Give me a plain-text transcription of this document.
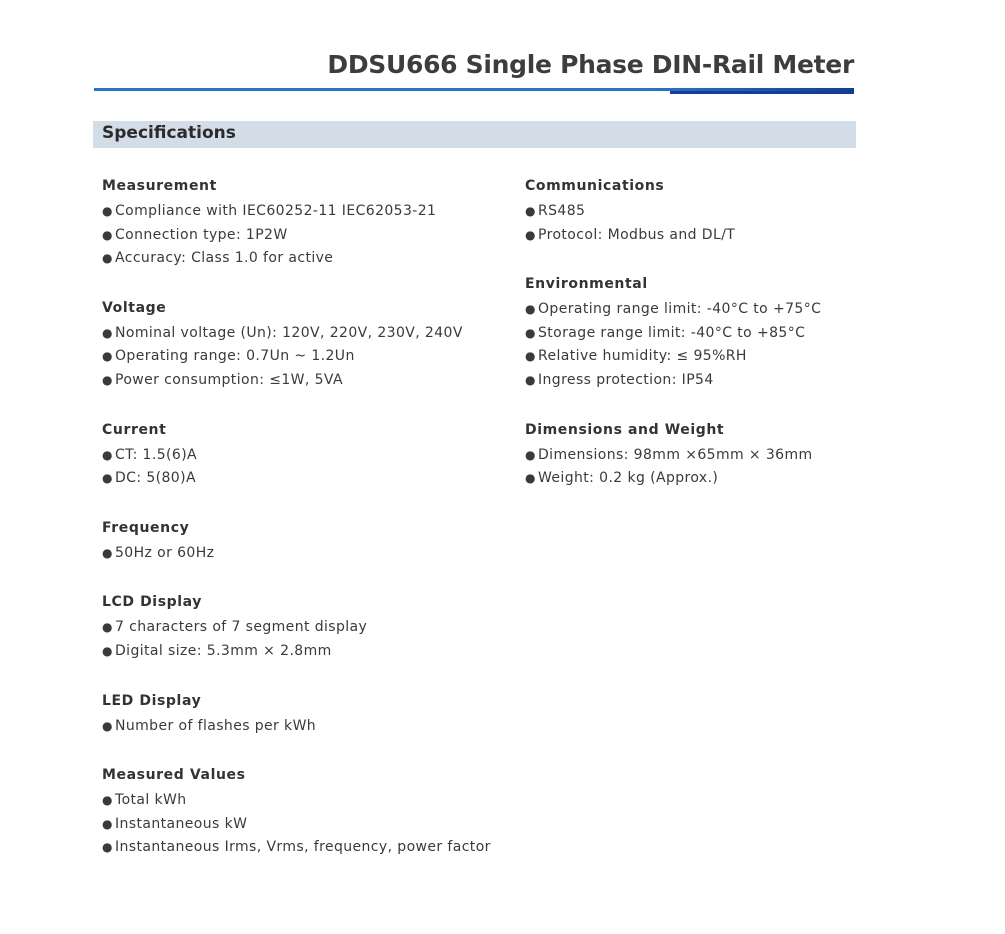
DDSU666 Single Phase DIN-Rail Meter
Specifications
Measurement
● Compliance with IEC60252-11 IEC62053-21
● Connection type: 1P2W
● Accuracy: Class 1.0 for active
Voltage
● Nominal voltage (Un): 120V, 220V, 230V, 240V
● Operating range: 0.7Un ~ 1.2Un
● Power consumption: ≤1W, 5VA
Current
● CT: 1.5(6)A
● DC: 5(80)A
Frequency
● 50Hz or 60Hz
LCD Display
● 7 characters of 7 segment display
● Digital size: 5.3mm × 2.8mm
LED Display
● Number of flashes per kWh
Measured Values
● Total kWh
● Instantaneous kW
● Instantaneous Irms, Vrms, frequency, power factor
Communications
● RS485
● Protocol: Modbus and DL/T
Environmental
● Operating range limit: -40°C to +75°C
● Storage range limit: -40°C to +85°C
● Relative humidity: ≤ 95%RH
● Ingress protection: IP54
Dimensions and Weight
● Dimensions: 98mm ×65mm × 36mm
● Weight: 0.2 kg (Approx.)
